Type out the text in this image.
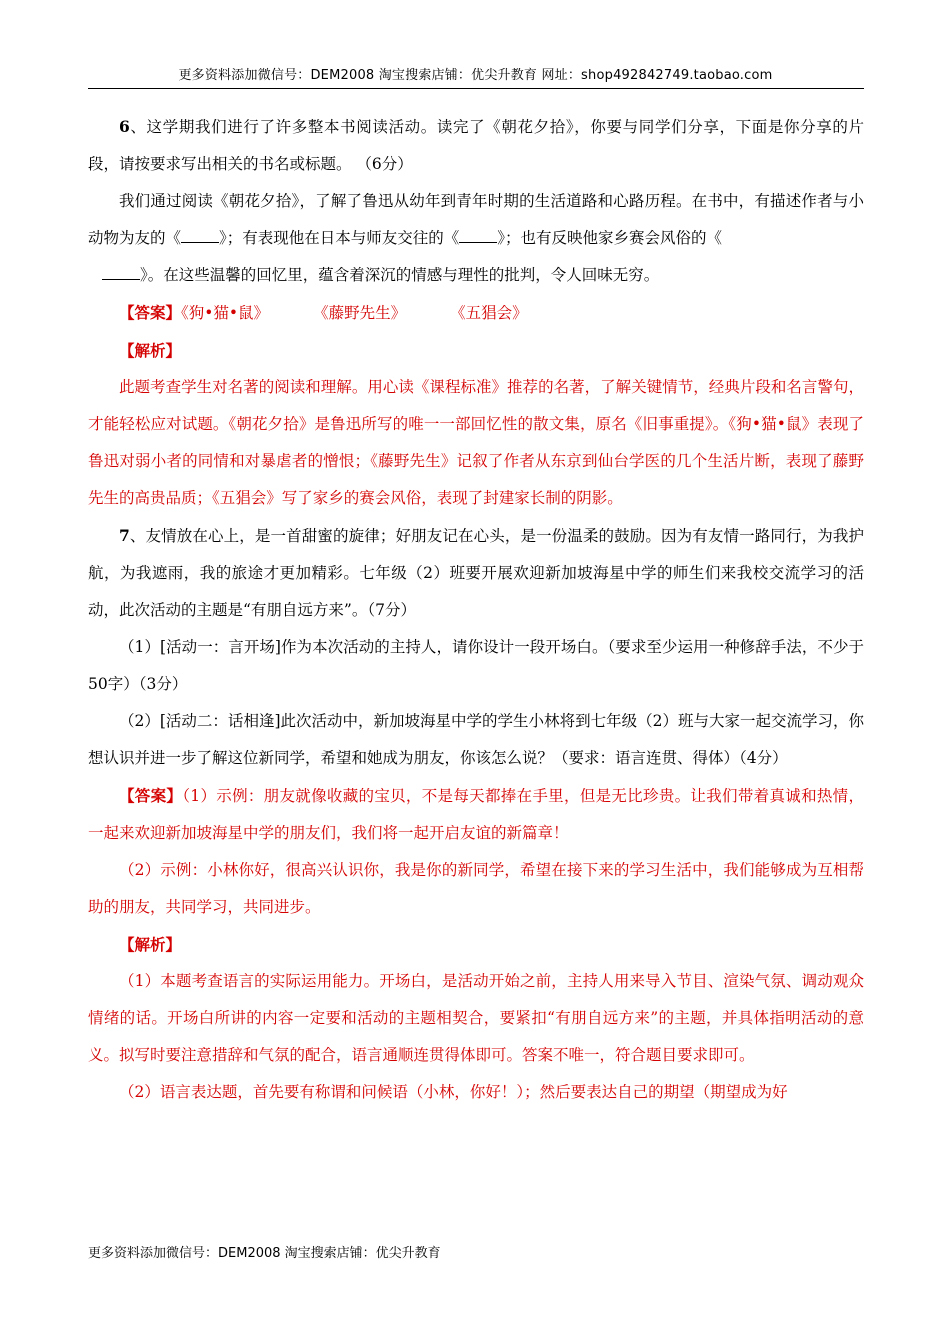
更多资料添加微信号：DEM2008 淘宝搜索店铺：优尖升教育 网址：shop492842749.taobao.com

6、这学期我们进行了许多整本书阅读活动。读完了《朝花夕拾》，你要与同学们分享，下面是你分享的片段，请按要求写出相关的书名或标题。 （6分）

我们通过阅读《朝花夕拾》，了解了鲁迅从幼年到青年时期的生活道路和心路历程。在书中，有描述作者与小动物为友的《 》；有表现他在日本与师友交往的《 》；也有反映他家乡赛会风俗的《
》。在这些温馨的回忆里，蕴含着深沉的情感与理性的批判，令人回味无穷。

【答案】《狗•猫•鼠》	《藤野先生》	《五猖会》

【解析】

此题考查学生对名著的阅读和理解。用心读《课程标准》推荐的名著，了解关键情节，经典片段和名言警句，才能轻松应对试题。《朝花夕拾》是鲁迅所写的唯一一部回忆性的散文集，原名《旧事重提》。《狗•猫•鼠》表现了鲁迅对弱小者的同情和对暴虐者的憎恨；《藤野先生》记叙了作者从东京到仙台学医的几个生活片断，表现了藤野先生的高贵品质；《五猖会》写了家乡的赛会风俗，表现了封建家长制的阴影。

7、友情放在心上，是一首甜蜜的旋律；好朋友记在心头，是一份温柔的鼓励。因为有友情一路同行，为我护航，为我遮雨，我的旅途才更加精彩。七年级（2）班要开展欢迎新加坡海星中学的师生们来我校交流学习的活动，此次活动的主题是“有朋自远方来”。（7分）

（1）[活动一：言开场]作为本次活动的主持人，请你设计一段开场白。（要求至少运用一种修辞手法，不少于50字）（3分）

（2）[活动二：话相逢]此次活动中，新加坡海星中学的学生小林将到七年级（2）班与大家一起交流学习，你想认识并进一步了解这位新同学，希望和她成为朋友，你该怎么说？（要求：语言连贯、得体）（4分）

【答案】（1）示例：朋友就像收藏的宝贝，不是每天都捧在手里，但是无比珍贵。让我们带着真诚和热情，一起来欢迎新加坡海星中学的朋友们，我们将一起开启友谊的新篇章！

（2）示例：小林你好，很高兴认识你，我是你的新同学，希望在接下来的学习生活中，我们能够成为互相帮助的朋友，共同学习，共同进步。

【解析】

（1）本题考查语言的实际运用能力。开场白，是活动开始之前，主持人用来导入节目、渲染气氛、调动观众情绪的话。开场白所讲的内容一定要和活动的主题相契合，要紧扣“有朋自远方来”的主题，并具体指明活动的意义。拟写时要注意措辞和气氛的配合，语言通顺连贯得体即可。答案不唯一，符合题目要求即可。

（2）语言表达题，首先要有称谓和问候语（小林，你好！）；然后要表达自己的期望（期望成为好

更多资料添加微信号：DEM2008 淘宝搜索店铺：优尖升教育
